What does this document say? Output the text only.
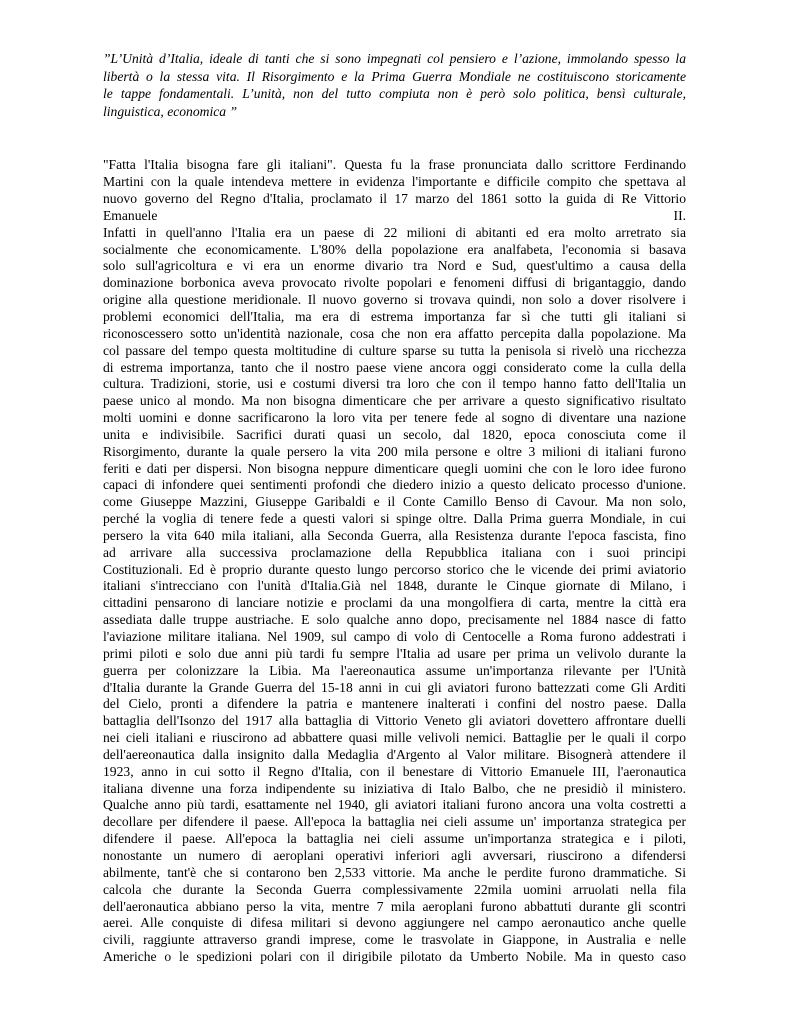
”L’Unità d’Italia, ideale di tanti che si sono impegnati col pensiero e l’azione, immolando spesso la
libertà o la stessa vita. Il Risorgimento e la Prima Guerra Mondiale ne costituiscono storicamente
le tappe fondamentali. L’unità, non del tutto compiuta non è però solo politica, bensì culturale,
linguistica, economica ”
"Fatta l'Italia bisogna fare gli italiani". Questa fu la frase pronunciata dallo scrittore Ferdinando
Martini con la quale intendeva mettere in evidenza l'importante e difficile compito che spettava al
nuovo governo del Regno d'Italia, proclamato il 17 marzo del 1861 sotto la guida di Re Vittorio
Emanuele	II.
Infatti in quell'anno l'Italia era un paese di 22 milioni di abitanti ed era molto arretrato sia
socialmente che economicamente. L'80% della popolazione era analfabeta, l'economia si basava
solo sull'agricoltura e vi era un enorme divario tra Nord e Sud, quest'ultimo a causa della
dominazione borbonica aveva provocato rivolte popolari e fenomeni diffusi di brigantaggio, dando
origine alla questione meridionale. Il nuovo governo si trovava quindi, non solo a dover risolvere i
problemi economici dell'Italia, ma era di estrema importanza far sì che tutti gli italiani si
riconoscessero sotto un'identità nazionale, cosa che non era affatto percepita dalla popolazione. Ma
col passare del tempo questa moltitudine di culture sparse su tutta la penisola si rivelò una ricchezza
di estrema importanza, tanto che il nostro paese viene ancora oggi considerato come la culla della
cultura. Tradizioni, storie, usi e costumi diversi tra loro che con il tempo hanno fatto dell'Italia un
paese unico al mondo. Ma non bisogna dimenticare che per arrivare a questo significativo risultato
molti uomini e donne sacrificarono la loro vita per tenere fede al sogno di diventare una nazione
unita e indivisibile. Sacrifici durati quasi un secolo, dal 1820, epoca conosciuta come il
Risorgimento, durante la quale persero la vita 200 mila persone e oltre 3 milioni di italiani furono
feriti e dati per dispersi. Non bisogna neppure dimenticare quegli uomini che con le loro idee furono
capaci di infondere quei sentimenti profondi che diedero inizio a questo delicato processo d'unione.
come Giuseppe Mazzini, Giuseppe Garibaldi e il Conte Camillo Benso di Cavour. Ma non solo,
perché la voglia di tenere fede a questi valori si spinge oltre. Dalla Prima guerra Mondiale, in cui
persero la vita 640 mila italiani, alla Seconda Guerra, alla Resistenza durante l'epoca fascista, fino
ad arrivare alla successiva proclamazione della Repubblica italiana con i suoi principi
Costituzionali. Ed è proprio durante questo lungo percorso storico che le vicende dei primi aviatorio
italiani s'intrecciano con l'unità d'Italia.Già nel 1848, durante le Cinque giornate di Milano, i
cittadini pensarono di lanciare notizie e proclami da una mongolfiera di carta, mentre la città era
assediata dalle truppe austriache. E solo qualche anno dopo, precisamente nel 1884 nasce di fatto
l'aviazione militare italiana. Nel 1909, sul campo di volo di Centocelle a Roma furono addestrati i
primi piloti e solo due anni più tardi fu sempre l'Italia ad usare per prima un velivolo durante la
guerra per colonizzare la Libia. Ma l'aereonautica assume un'importanza rilevante per l'Unità
d'Italia durante la Grande Guerra del 15-18 anni in cui gli aviatori furono battezzati come Gli Arditi
del Cielo, pronti a difendere la patria e mantenere inalterati i confini del nostro paese. Dalla
battaglia dell'Isonzo del 1917 alla battaglia di Vittorio Veneto gli aviatori dovettero affrontare duelli
nei cieli italiani e riuscirono ad abbattere quasi mille velivoli nemici. Battaglie per le quali il corpo
dell'aereonautica dalla insignito dalla Medaglia d'Argento al Valor militare. Bisognerà attendere il
1923, anno in cui sotto il Regno d'Italia, con il benestare di Vittorio Emanuele III, l'aeronautica
italiana divenne una forza indipendente su iniziativa di Italo Balbo, che ne presidiò il ministero.
Qualche anno più tardi, esattamente nel 1940, gli aviatori italiani furono ancora una volta costretti a
decollare per difendere il paese. All'epoca la battaglia nei cieli assume un' importanza strategica per
difendere il paese. All'epoca la battaglia nei cieli assume un'importanza strategica e i piloti,
nonostante un numero di aeroplani operativi inferiori agli avversari, riuscirono a difendersi
abilmente, tant'è che si contarono ben 2,533 vittorie. Ma anche le perdite furono drammatiche. Si
calcola che durante la Seconda Guerra complessivamente 22mila uomini arruolati nella fila
dell'aeronautica abbiano perso la vita, mentre 7 mila aeroplani furono abbattuti durante gli scontri
aerei. Alle conquiste di difesa militari si devono aggiungere nel campo aeronautico anche quelle
civili, raggiunte attraverso grandi imprese, come le trasvolate in Giappone, in Australia e nelle
Americhe o le spedizioni polari con il dirigibile pilotato da Umberto Nobile. Ma in questo caso
